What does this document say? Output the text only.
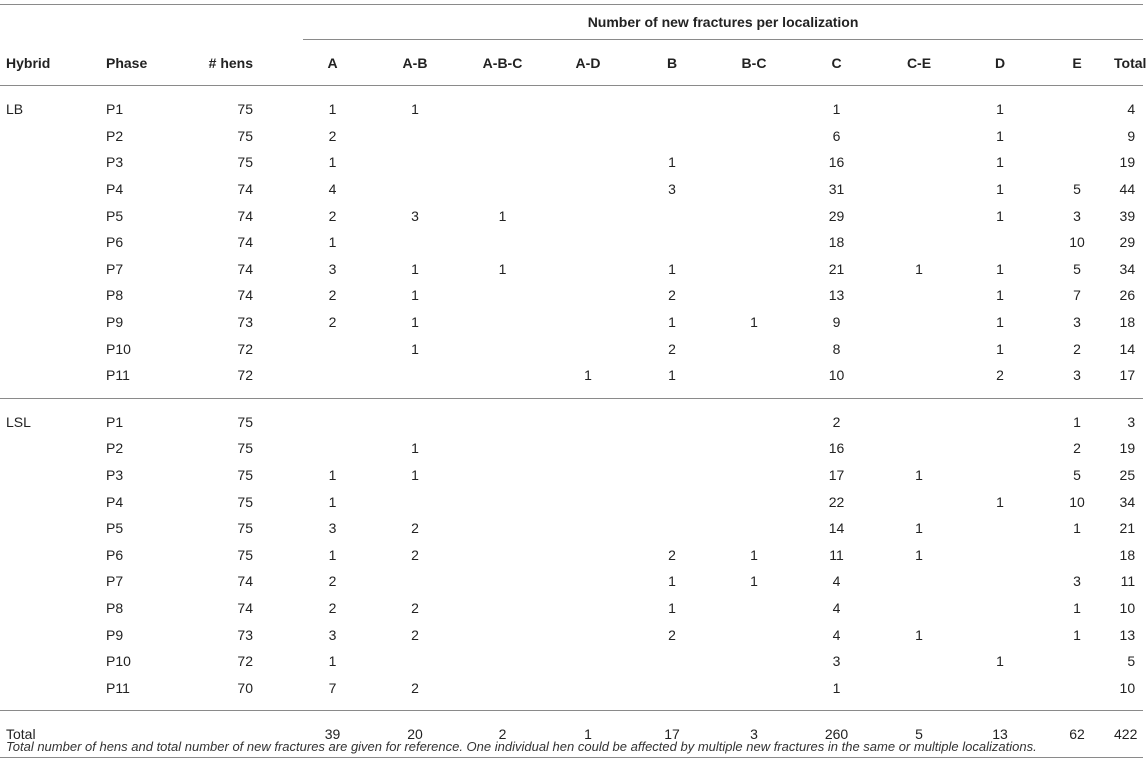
			Number of new fractures per localization										

Hybrid	Phase	# hens	A	A-B	A-B-C	A-D	B	B-C	C	C-E	D	E	Total
LB	P1	75	1	1					1		1		4
	P2	75	2						6		1		9
	P3	75	1				1		16		1		19
	P4	74	4				3		31		1	5	44
	P5	74	2	3	1				29		1	3	39
	P6	74	1						18			10	29
	P7	74	3	1	1		1		21	1	1	5	34
	P8	74	2	1			2		13		1	7	26
	P9	73	2	1			1	1	9		1	3	18
	P10	72		1			2		8		1	2	14
	P11	72				1	1		10		2	3	17
LSL	P1	75							2			1	3
	P2	75		1					16			2	19
	P3	75	1	1					17	1		5	25
	P4	75	1						22		1	10	34
	P5	75	3	2					14	1		1	21
	P6	75	1	2			2	1	11	1			18
	P7	74	2				1	1	4			3	11
	P8	74	2	2			1		4			1	10
	P9	73	3	2			2		4	1		1	13
	P10	72	1						3		1		5
	P11	70	7	2					1				10
Total			39	20	2	1	17	3	260	5	13	62	422
Total number of hens and total number of new fractures are given for reference. One individual hen could be affected by multiple new fractures in the same or multiple localizations.
